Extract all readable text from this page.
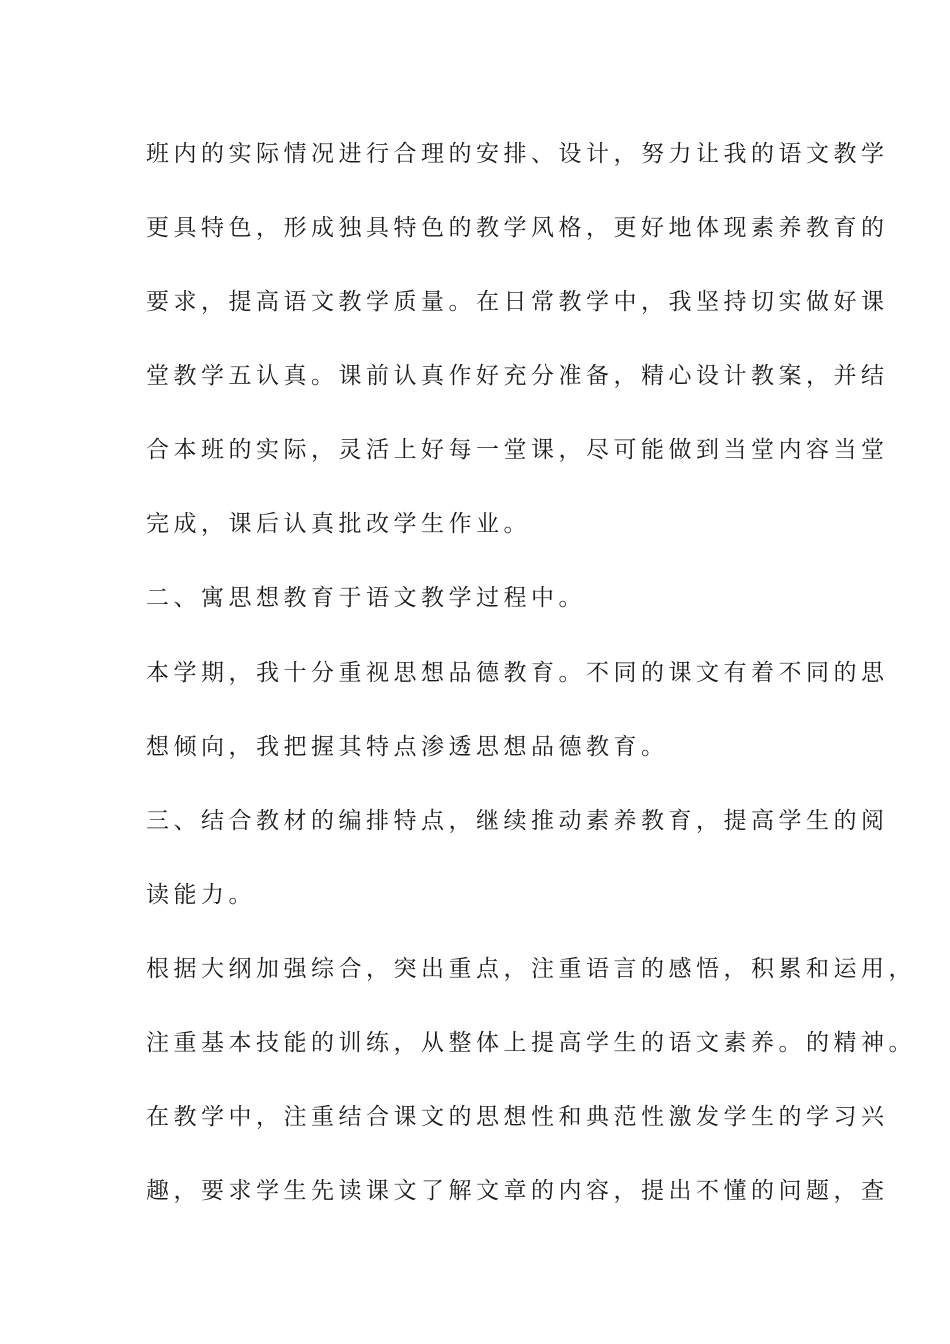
班内的实际情况进行合理的安排、设计，努力让我的语文教学
更具特色，形成独具特色的教学风格，更好地体现素养教育的
要求，提高语文教学质量。在日常教学中，我坚持切实做好课
堂教学五认真。课前认真作好充分准备，精心设计教案，并结
合本班的实际，灵活上好每一堂课，尽可能做到当堂内容当堂
完成，课后认真批改学生作业。
二、寓思想教育于语文教学过程中。
本学期，我十分重视思想品德教育。不同的课文有着不同的思
想倾向，我把握其特点渗透思想品德教育。
三、结合教材的编排特点，继续推动素养教育，提高学生的阅
读能力。
根据大纲加强综合，突出重点，注重语言的感悟，积累和运用，
注重基本技能的训练，从整体上提高学生的语文素养。的精神。
在教学中，注重结合课文的思想性和典范性激发学生的学习兴
趣，要求学生先读课文了解文章的内容，提出不懂的问题，查
